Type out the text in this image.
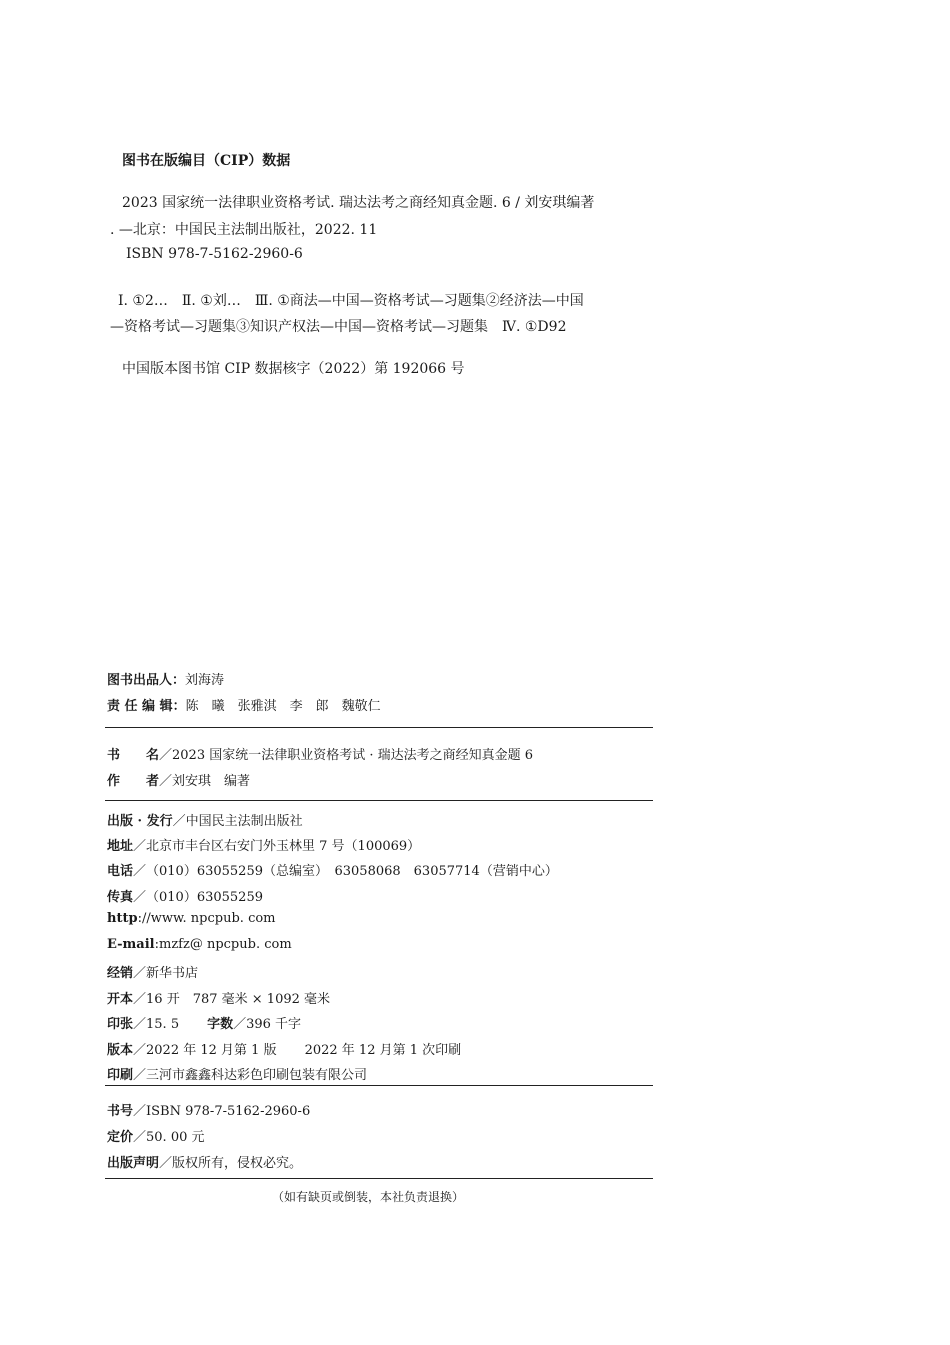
图书在版编目（CIP）数据
2023 国家统一法律职业资格考试. 瑞达法考之商经知真金题. 6 / 刘安琪编著
. —北京：中国民主法制出版社，2022. 11
ISBN 978-7-5162-2960-6
Ⅰ. ①2…　Ⅱ. ①刘…　Ⅲ. ①商法—中国—资格考试—习题集②经济法—中国
—资格考试—习题集③知识产权法—中国—资格考试—习题集　Ⅳ. ①D92
中国版本图书馆 CIP 数据核字（2022）第 192066 号
图书出品人：刘海涛
责 任 编 辑：陈　曦　张雅淇　李　郎　魏敬仁
书　　名／2023 国家统一法律职业资格考试 · 瑞达法考之商经知真金题 6
作　　者／刘安琪　编著
出版 · 发行／中国民主法制出版社
地址／北京市丰台区右安门外玉林里 7 号（100069）
电话／（010）63055259（总编室）　63058068　63057714（营销中心）
传真／（010）63055259
http://www. npcpub. com
E-mail:mzfz@ npcpub. com
经销／新华书店
开本／16 开　787 毫米 × 1092 毫米
印张／15. 5 字数／396 千字
版本／2022 年 12 月第 1 版 2022 年 12 月第 1 次印刷
印刷／三河市鑫鑫科达彩色印刷包装有限公司
书号／ISBN 978-7-5162-2960-6
定价／50. 00 元
出版声明／版权所有，侵权必究。
（如有缺页或倒装，本社负责退换）
